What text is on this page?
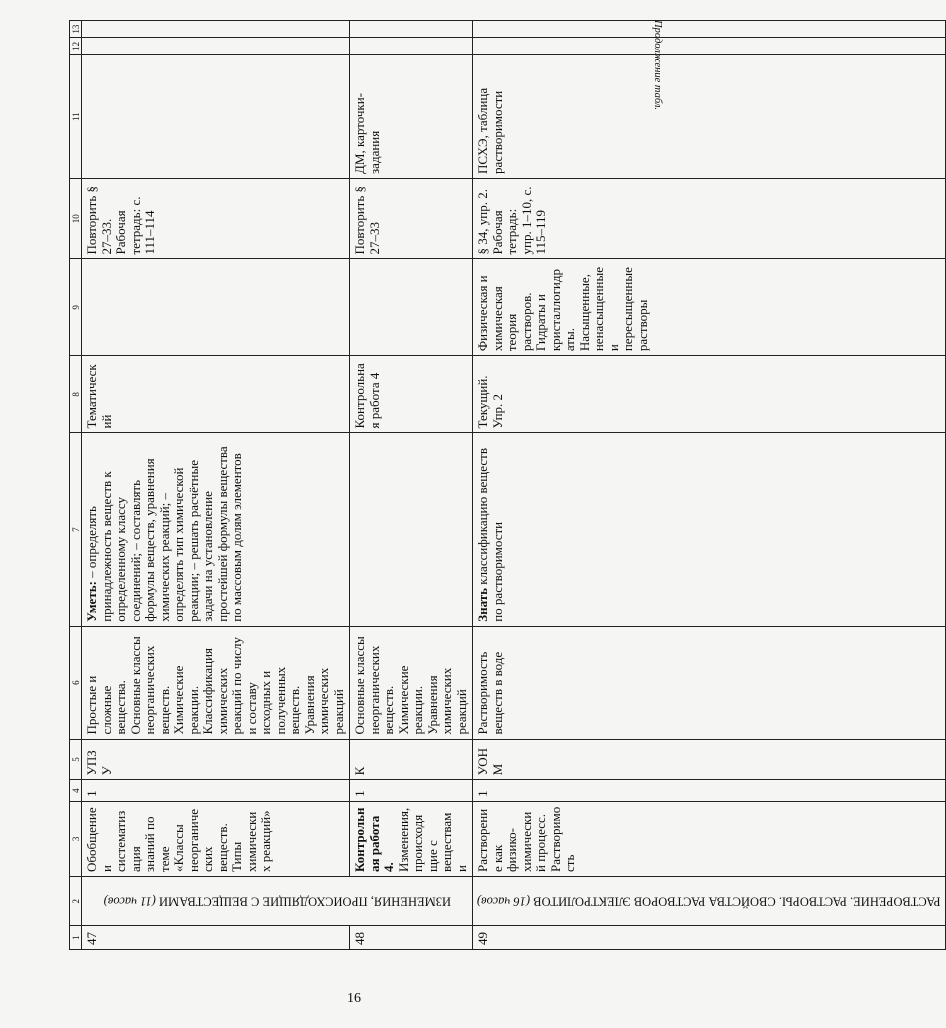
Продолжение табл.
1	2	3	4	5	6	7	8	9	10	11	12	13
47	ИЗМЕНЕНИЯ, ПРОИСХОДЯЩИЕ С ВЕЩЕСТВАМИ (11 часов)	Обобщение и систематизация знаний по теме «Классы неорганических веществ. Типы химических реакций»	1	УПЗУ	Простые и сложные вещества. Основные классы неорганических веществ. Химические реакции. Классификация химических реакций по числу и составу исходных и полученных веществ. Уравнения химических реакций	Уметь: – определять принадлежность веществ к определенному классу соединений; – составлять формулы веществ, уравнения химических реакций; – определять тип химической реакции; – решать расчётные задачи на установление простейшей формулы вещества по массовым долям элементов	Тематический		Повторить § 27–33. Рабочая тетрадь: с. 111–114			
48		Контрольная работа 4. Изменения, происходящие с веществами	1	К	Основные классы неорганических веществ. Химические реакции. Уравнения химических реакций		Контрольная работа 4		Повторить § 27–33	ДМ, карточки-задания		
49	РАСТВОРЕНИЕ. РАСТВОРЫ. СВОЙСТВА РАСТВОРОВ ЭЛЕКТРОЛИТОВ (16 часов)	Растворение как физико-химический процесс. Растворимость	1	УОНМ	Растворимость веществ в воде	Знать классификацию веществ по растворимости	Текущий. Упр. 2	Физическая и химическая теория растворов. Гидраты и кристаллогидраты. Насыщенные, ненасыщенные и пересыщенные растворы	§ 34, упр. 2. Рабочая тетрадь: упр. 1–10, с. 115–119	ПСХЭ, таблица растворимости		
16
